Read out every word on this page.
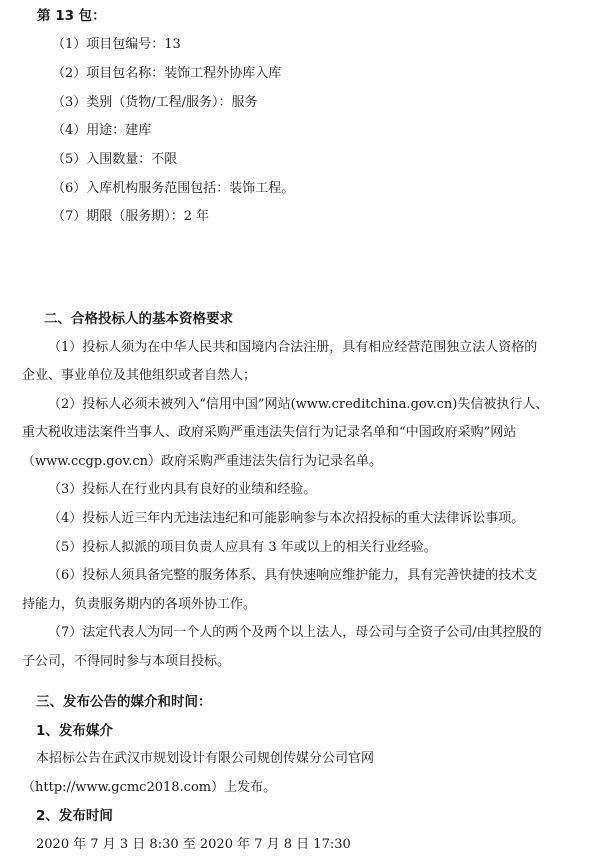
第 13 包：

（1）项目包编号：13

（2）项目包名称：装饰工程外协库入库

（3）类别（货物/工程/服务）：服务

（4）用途：建库

（5）入围数量：不限

（6）入库机构服务范围包括：装饰工程。

（7）期限（服务期）：2 年

二、合格投标人的基本资格要求

（1）投标人须为在中华人民共和国境内合法注册，具有相应经营范围独立法人资格的

企业、事业单位及其他组织或者自然人；

（2）投标人必须未被列入“信用中国”网站(www.creditchina.gov.cn)失信被执行人、

重大税收违法案件当事人、政府采购严重违法失信行为记录名单和“中国政府采购”网站

（www.ccgp.gov.cn）政府采购严重违法失信行为记录名单。

（3）投标人在行业内具有良好的业绩和经验。

（4）投标人近三年内无违法违纪和可能影响参与本次招投标的重大法律诉讼事项。

（5）投标人拟派的项目负责人应具有 3 年或以上的相关行业经验。

（6）投标人须具备完整的服务体系、具有快速响应维护能力，具有完善快捷的技术支

持能力，负责服务期内的各项外协工作。

（7）法定代表人为同一个人的两个及两个以上法人，母公司与全资子公司/由其控股的

子公司，不得同时参与本项目投标。

三、发布公告的媒介和时间：

1、发布媒介

本招标公告在武汉市规划设计有限公司规创传媒分公司官网

（http://www.gcmc2018.com）上发布。

2、发布时间

2020 年 7 月 3 日 8:30 至 2020 年 7 月 8 日 17:30
